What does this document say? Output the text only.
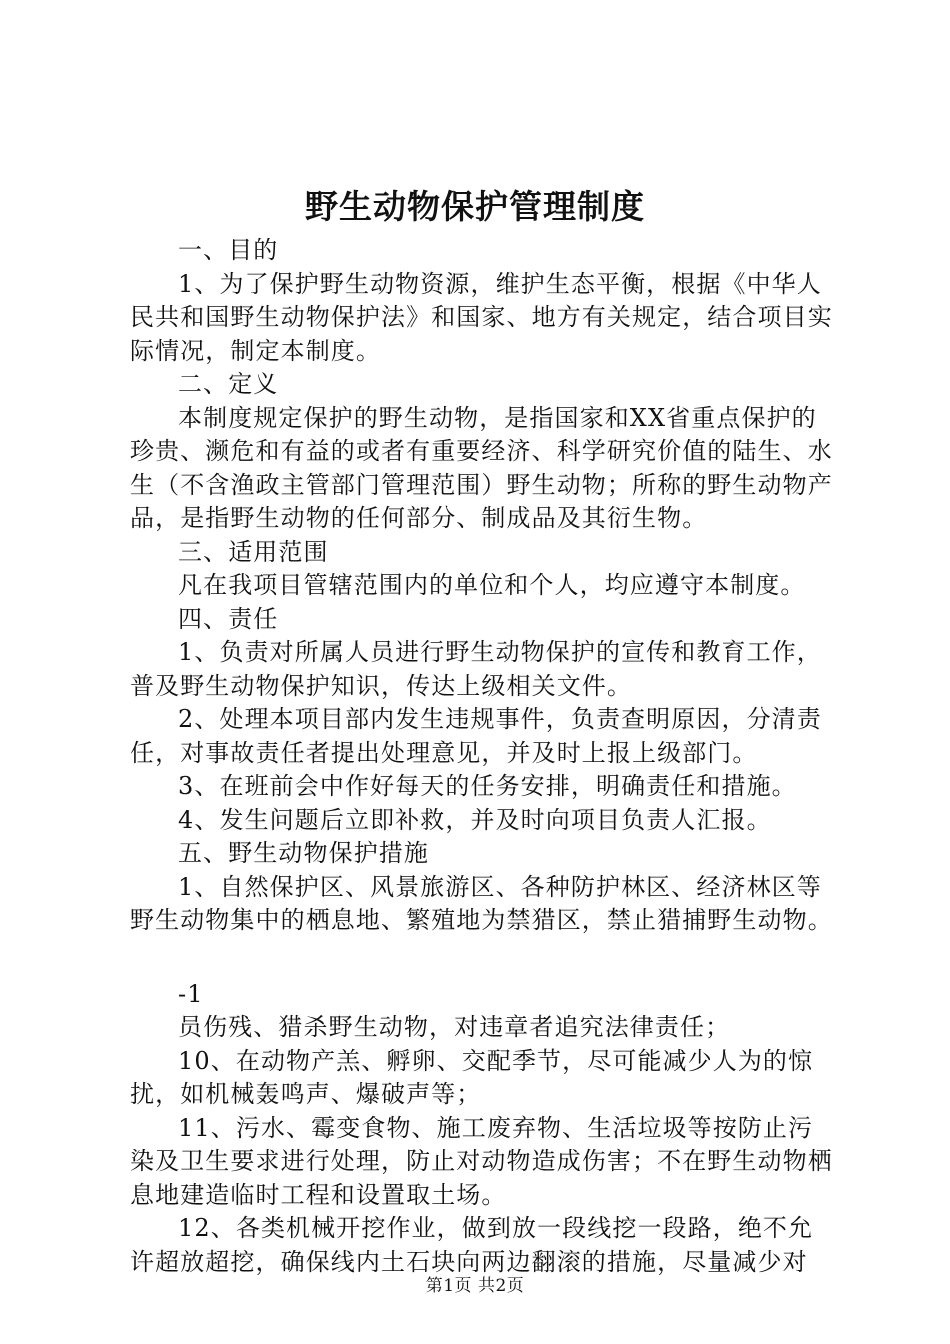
野生动物保护管理制度

一、目的

1、为了保护野生动物资源，维护生态平衡，根据《中华人民共和国野生动物保护法》和国家、地方有关规定，结合项目实际情况，制定本制度。

二、定义

本制度规定保护的野生动物，是指国家和XX省重点保护的珍贵、濒危和有益的或者有重要经济、科学研究价值的陆生、水生（不含渔政主管部门管理范围）野生动物；所称的野生动物产品，是指野生动物的任何部分、制成品及其衍生物。

三、适用范围

凡在我项目管辖范围内的单位和个人，均应遵守本制度。

四、责任

1、负责对所属人员进行野生动物保护的宣传和教育工作，普及野生动物保护知识，传达上级相关文件。

2、处理本项目部内发生违规事件，负责查明原因，分清责任，对事故责任者提出处理意见，并及时上报上级部门。

3、在班前会中作好每天的任务安排，明确责任和措施。

4、发生问题后立即补救，并及时向项目负责人汇报。

五、野生动物保护措施

1、自然保护区、风景旅游区、各种防护林区、经济林区等野生动物集中的栖息地、繁殖地为禁猎区，禁止猎捕野生动物。

-1

员伤残、猎杀野生动物，对违章者追究法律责任；

10、在动物产羔、孵卵、交配季节，尽可能减少人为的惊扰，如机械轰鸣声、爆破声等；

11、污水、霉变食物、施工废弃物、生活垃圾等按防止污染及卫生要求进行处理，防止对动物造成伤害；不在野生动物栖息地建造临时工程和设置取土场。

12、各类机械开挖作业，做到放一段线挖一段路，绝不允许超放超挖，确保线内土石块向两边翻滚的措施，尽量减少对

第1页 共2页
